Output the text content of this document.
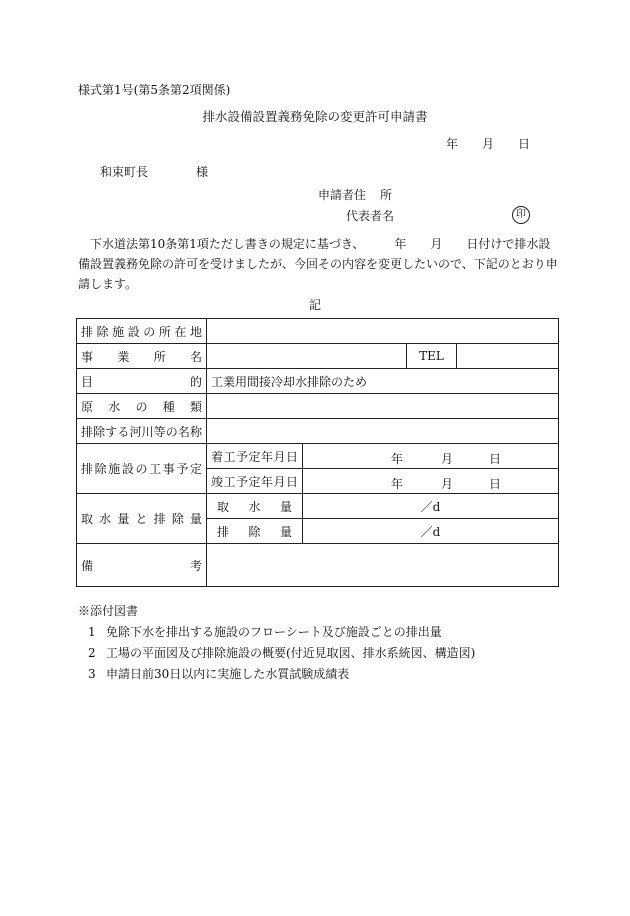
様式第1号(第5条第2項関係)
排水設備設置義務免除の変更許可申請書
年 月 日
和束町長	様
申請者住 所
代表者名	印
下水道法第10条第1項ただし書きの規定に基づき、　　　年　　月　　日付けで排水設備設置義務免除の許可を受けましたが、今回その内容を変更したいので、下記のとおり申請します。
記
排除施設の所在地				
事業所名			TEL	
目的	工業用間接冷却水排除のため			
原水の種類				
排除する河川等の名称				
排除施設の工事予定	着工予定年月日	年 月 日		

	竣工予定年月日	年 月 日		

取水量と排除量	取水量	／d		
	排除量	／d		
備考				
※添付図書
1 免除下水を排出する施設のフローシート及び施設ごとの排出量
2 工場の平面図及び排除施設の概要(付近見取図、排水系統図、構造図)
3 申請日前30日以内に実施した水質試験成績表
